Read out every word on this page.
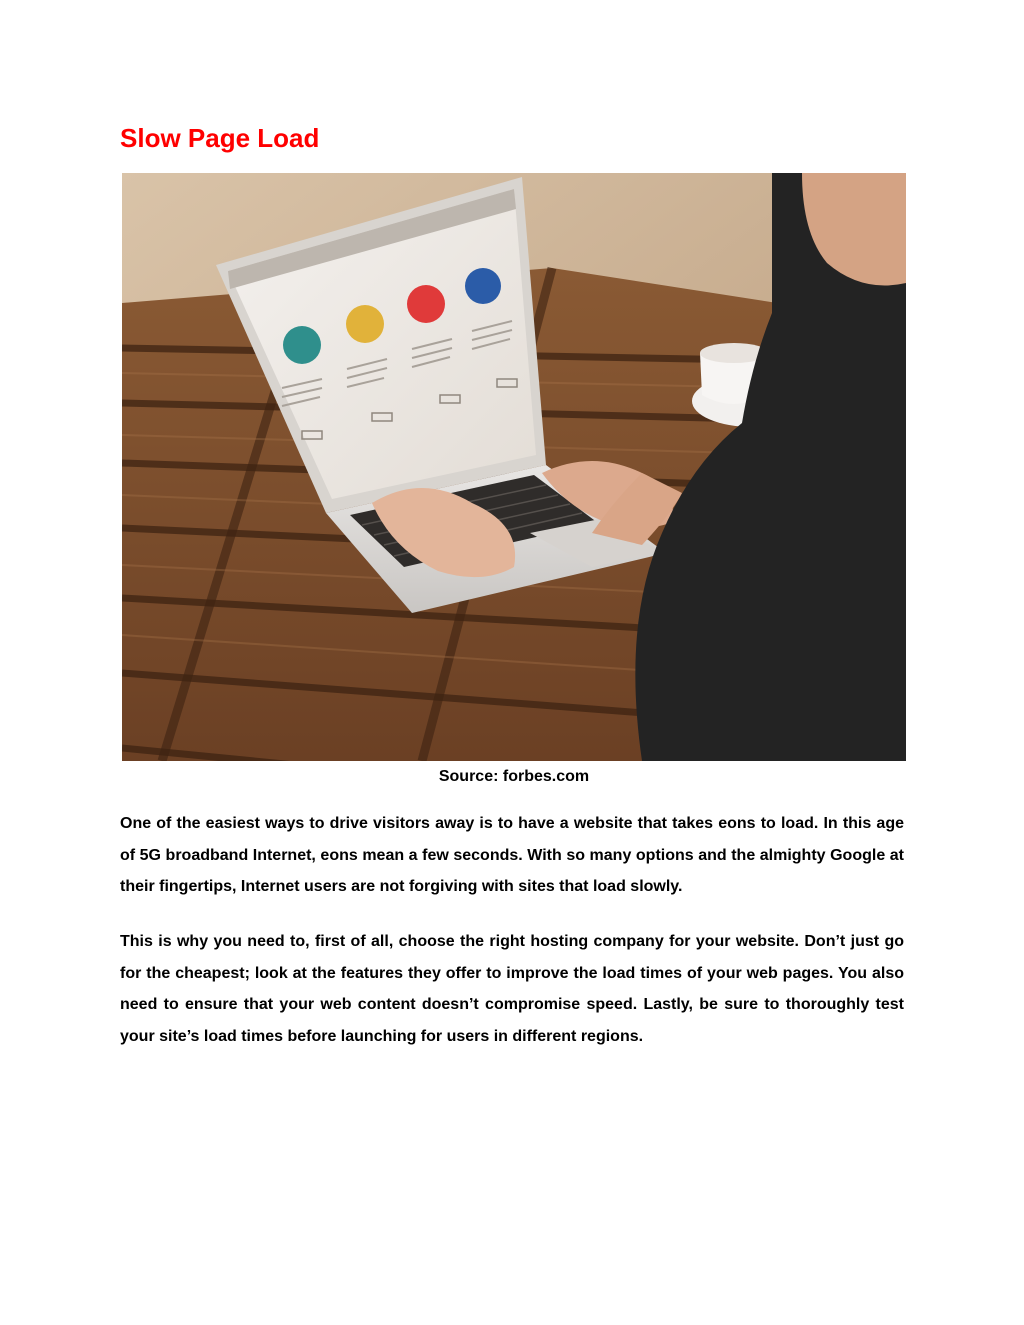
Slow Page Load
Source: forbes.com

One of the easiest ways to drive visitors away is to have a website that takes eons to load. In this age of 5G broadband Internet, eons mean a few seconds. With so many options and the almighty Google at their fingertips, Internet users are not forgiving with sites that load slowly.

This is why you need to, first of all, choose the right hosting company for your website. Don’t just go for the cheapest; look at the features they offer to improve the load times of your web pages. You also need to ensure that your web content doesn’t compromise speed. Lastly, be sure to thoroughly test your site’s load times before launching for users in different regions.
